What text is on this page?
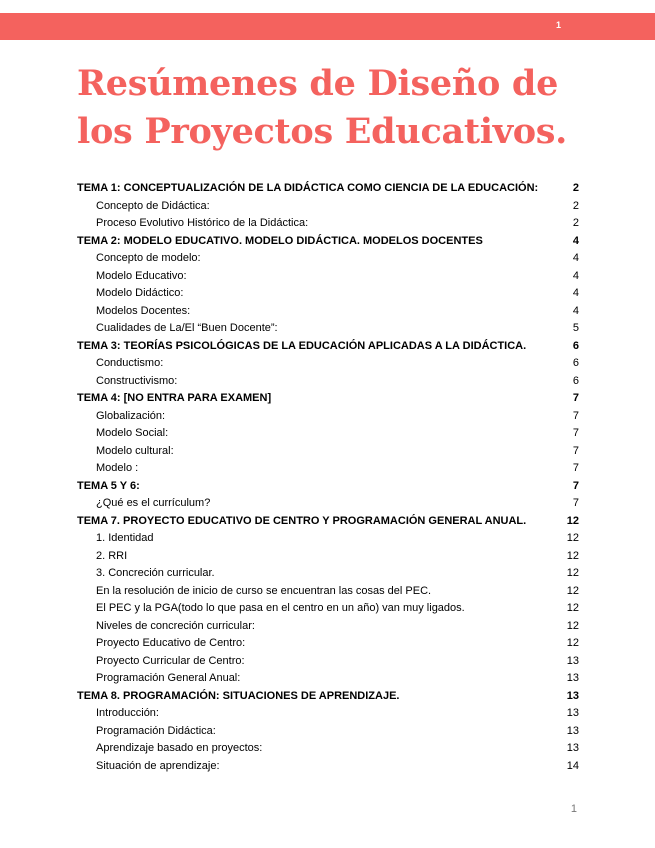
1
Resúmenes de Diseño de los Proyectos Educativos.
TEMA 1: CONCEPTUALIZACIÓN DE LA DIDÁCTICA COMO CIENCIA DE LA EDUCACIÓN:	2
Concepto de Didáctica:	2
Proceso Evolutivo Histórico de la Didáctica:	2
TEMA 2: MODELO EDUCATIVO. MODELO DIDÁCTICA. MODELOS DOCENTES	4
Concepto de modelo:	4
Modelo Educativo:	4
Modelo Didáctico:	4
Modelos Docentes:	4
Cualidades de La/El “Buen Docente”:	5
TEMA 3: TEORÍAS PSICOLÓGICAS DE LA EDUCACIÓN APLICADAS A LA DIDÁCTICA.	6
Conductismo:	6
Constructivismo:	6
TEMA 4: [NO ENTRA PARA EXAMEN]	7
Globalización:	7
Modelo Social:	7
Modelo cultural:	7
Modelo :	7
TEMA 5 Y 6:	7
¿Qué es el currículum?	7
TEMA 7. PROYECTO EDUCATIVO DE CENTRO Y PROGRAMACIÓN GENERAL ANUAL.	12
1. Identidad	12
2. RRI	12
3. Concreción curricular.	12
En la resolución de inicio de curso se encuentran las cosas del PEC.	12
El PEC y la PGA(todo lo que pasa en el centro en un año) van muy ligados.	12
Niveles de concreción curricular:	12
Proyecto Educativo de Centro:	12
Proyecto Curricular de Centro:	13
Programación General Anual:	13
TEMA 8. PROGRAMACIÓN: SITUACIONES DE APRENDIZAJE.	13
Introducción:	13
Programación Didáctica:	13
Aprendizaje basado en proyectos:	13
Situación de aprendizaje:	14
1
